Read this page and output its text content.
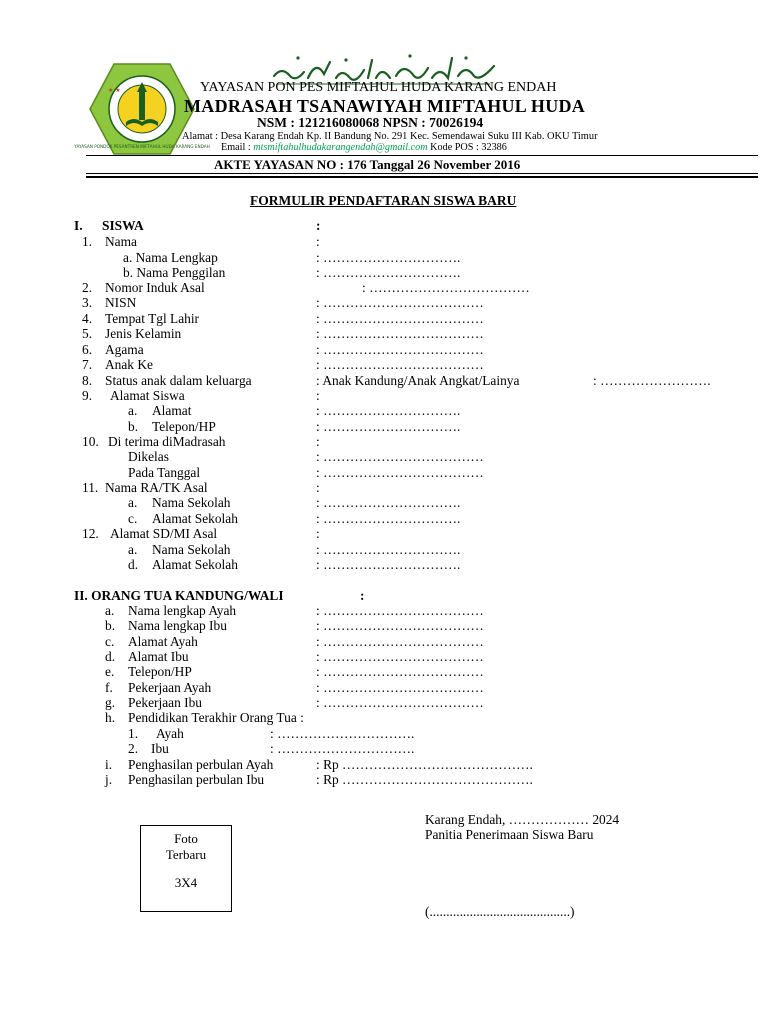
YAYASAN PONDOK PESANTREN MIFTAHUL HUDA KARANG ENDAH
★ ★	YAYASAN PON PES MIFTAHUL HUDA KARANG ENDAH
MADRASAH TSANAWIYAH MIFTAHUL HUDA
NSM : 121216080068 NPSN : 70026194
Alamat : Desa Karang Endah Kp. II Bandung No. 291 Kec. Semendawai Suku III Kab. OKU Timur
Email : mtsmiftahulhudakarangendah@gmail.com Kode POS : 32386
AKTE YAYASAN NO : 176 Tanggal 26 November 2016
FORMULIR PENDAFTARAN SISWA BARU
I. SISWA	:
1. Nama	:
a. Nama Lengkap	: ………………………….
b. Nama Penggilan	: ………………………….
2. Nomor Induk Asal	: ………………………………
3. NISN	: ………………………………
4. Tempat Tgl Lahir	: ………………………………
5. Jenis Kelamin	: ………………………………
6. Agama	: ………………………………
7. Anak Ke	: ………………………………
8. Status anak dalam keluarga	: Anak Kandung/Anak Angkat/Lainya	: …………………….
9. Alamat Siswa	:
a. Alamat	: ………………………….
b. Telepon/HP	: ………………………….
10. Di terima diMadrasah	:
Dikelas	: ………………………………
Pada Tanggal	: ………………………………
11. Nama RA/TK Asal	:
a. Nama Sekolah	: ………………………….
c. Alamat Sekolah	: ………………………….
12. Alamat SD/MI Asal	:
a. Nama Sekolah	: ………………………….
d. Alamat Sekolah	: ………………………….
II. ORANG TUA KANDUNG/WALI	:
a. Nama lengkap Ayah	: ………………………………
b. Nama lengkap Ibu	: ………………………………
c. Alamat Ayah	: ………………………………
d. Alamat Ibu	: ………………………………
e. Telepon/HP	: ………………………………
f. Pekerjaan Ayah	: ………………………………
g. Pekerjaan Ibu	: ………………………………
h. Pendidikan Terakhir Orang Tua :
1. Ayah	: ………………………….
2. Ibu	: ………………………….
i. Penghasilan perbulan Ayah	: Rp …………………………………….
j. Penghasilan perbulan Ibu	: Rp …………………………………….
Foto
Terbaru
3X4
Karang Endah, ……………… 2024
Panitia Penerimaan Siswa Baru
(..........................................)
